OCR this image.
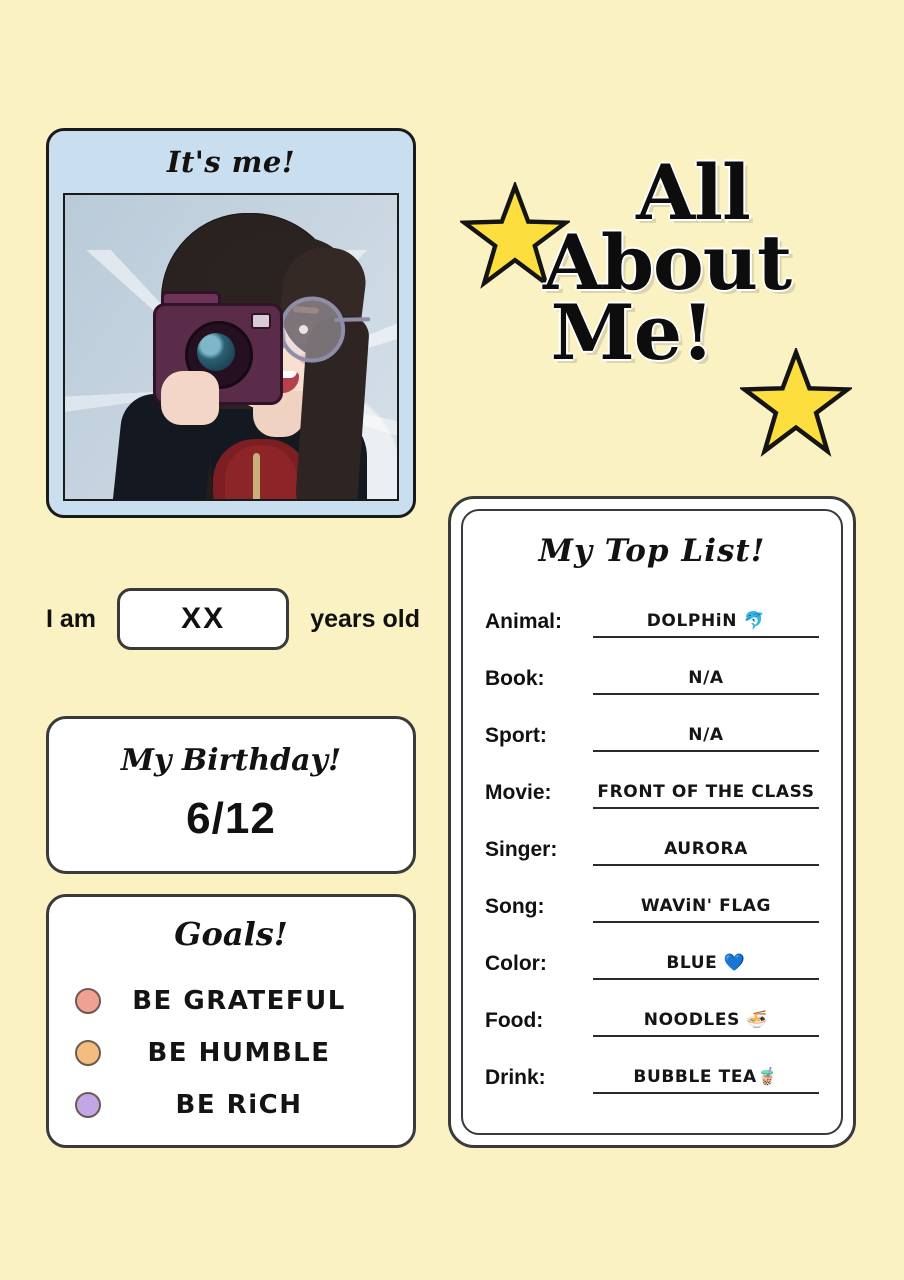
It's me!	All
About
Me!
I am	XX	years old
My Birthday!
6/12
Goals!
BE GRATEFUL
BE HUMBLE
BE RiCH
My Top List!
Animal:	DOLPHiN 🐬
Book:	N/A
Sport:	N/A
Movie:	FRONT OF THE CLASS
Singer:	AURORA
Song:	WAViN' FLAG
Color:	BLUE 💙
Food:	NOODLES 🍜
Drink:	BUBBLE TEA🧋
